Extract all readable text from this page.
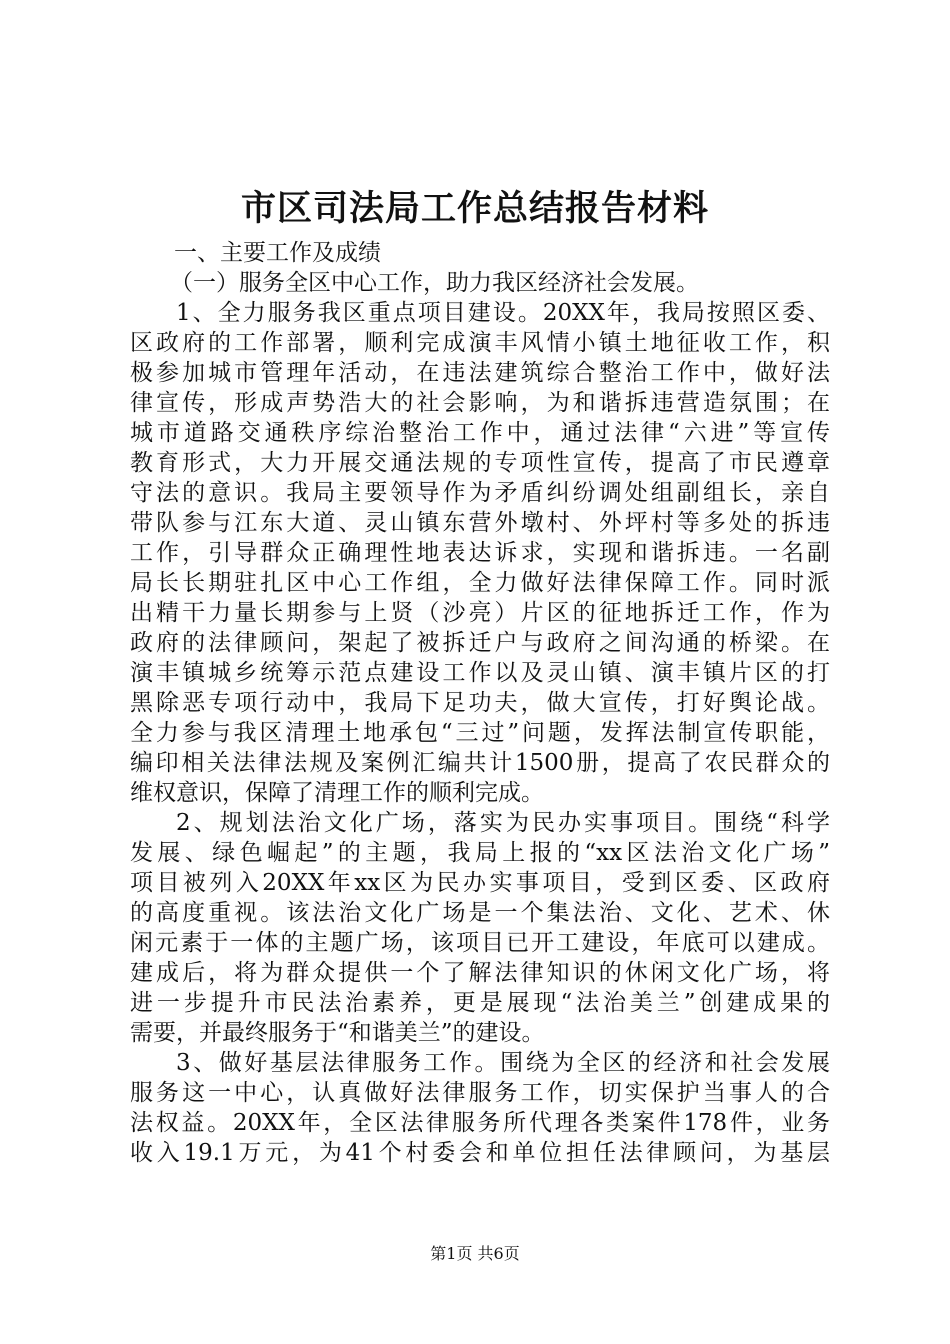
市区司法局工作总结报告材料
一、主要工作及成绩
（一）服务全区中心工作，助力我区经济社会发展。
1、全力服务我区重点项目建设。20XX年，我局按照区委、
区政府的工作部署，顺利完成演丰风情小镇土地征收工作，积
极参加城市管理年活动，在违法建筑综合整治工作中，做好法
律宣传，形成声势浩大的社会影响，为和谐拆违营造氛围；在
城市道路交通秩序综治整治工作中，通过法律“六进”等宣传
教育形式，大力开展交通法规的专项性宣传，提高了市民遵章
守法的意识。我局主要领导作为矛盾纠纷调处组副组长，亲自
带队参与江东大道、灵山镇东营外墩村、外坪村等多处的拆违
工作，引导群众正确理性地表达诉求，实现和谐拆违。一名副
局长长期驻扎区中心工作组，全力做好法律保障工作。同时派
出精干力量长期参与上贤（沙亮）片区的征地拆迁工作，作为
政府的法律顾问，架起了被拆迁户与政府之间沟通的桥梁。在
演丰镇城乡统筹示范点建设工作以及灵山镇、演丰镇片区的打
黑除恶专项行动中，我局下足功夫，做大宣传，打好舆论战。
全力参与我区清理土地承包“三过”问题，发挥法制宣传职能，
编印相关法律法规及案例汇编共计1500册，提高了农民群众的
维权意识，保障了清理工作的顺利完成。
2、规划法治文化广场，落实为民办实事项目。围绕“科学
发展、绿色崛起”的主题，我局上报的“xx区法治文化广场”
项目被列入20XX年xx区为民办实事项目，受到区委、区政府
的高度重视。该法治文化广场是一个集法治、文化、艺术、休
闲元素于一体的主题广场，该项目已开工建设，年底可以建成。
建成后，将为群众提供一个了解法律知识的休闲文化广场，将
进一步提升市民法治素养，更是展现“法治美兰”创建成果的
需要，并最终服务于“和谐美兰”的建设。
3、做好基层法律服务工作。围绕为全区的经济和社会发展
服务这一中心，认真做好法律服务工作，切实保护当事人的合
法权益。20XX年，全区法律服务所代理各类案件178件，业务
收入19.1万元，为41个村委会和单位担任法律顾问，为基层
第1页 共6页
